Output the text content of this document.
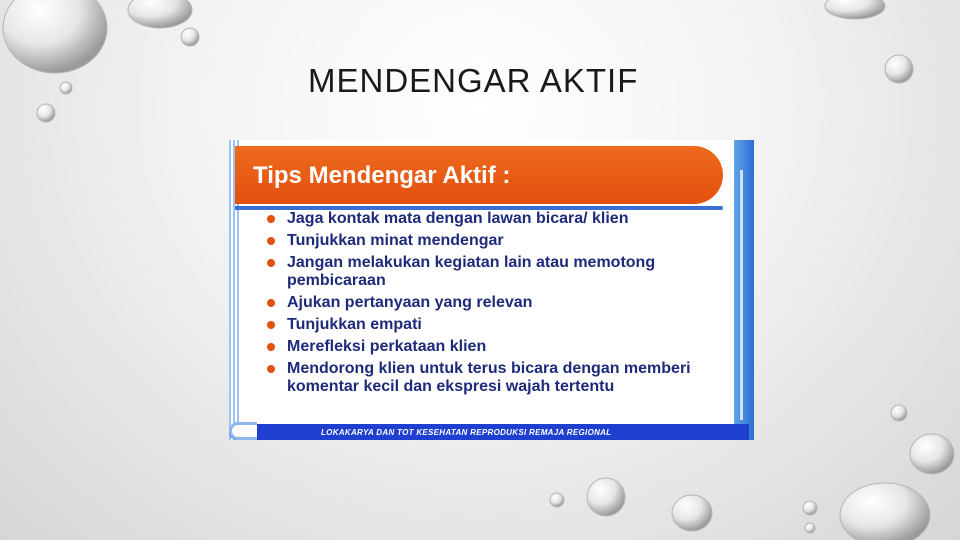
MENDENGAR AKTIF
Tips Mendengar Aktif :
Jaga kontak mata dengan lawan bicara/ klien
Tunjukkan minat mendengar
Jangan melakukan kegiatan lain atau memotong pembicaraan
Ajukan pertanyaan yang relevan
Tunjukkan empati
Merefleksi perkataan klien
Mendorong klien untuk terus bicara dengan memberi komentar kecil dan ekspresi wajah tertentu
LOKAKARYA DAN TOT KESEHATAN REPRODUKSI REMAJA REGIONAL
